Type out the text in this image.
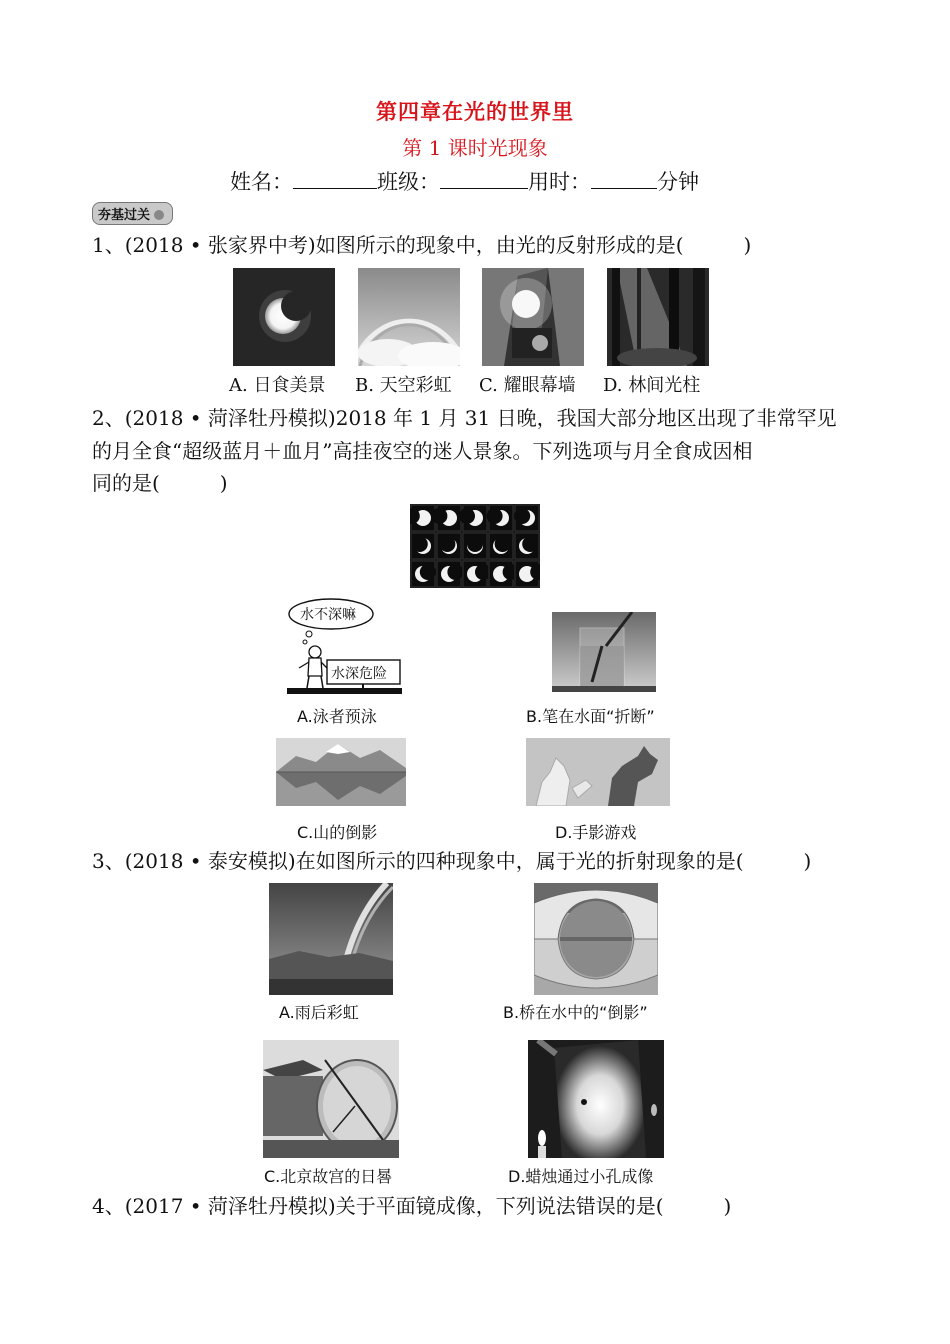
第四章在光的世界里
第 1 课时光现象
姓名：	班级：	用时：	分钟
夯基过关
1、(2018 • 张家界中考)如图所示的现象中，由光的反射形成的是(　　　)
A. 日食美景 B. 天空彩虹 C. 耀眼幕墙 D. 林间光柱
2、(2018 • 菏泽牡丹模拟)2018 年 1 月 31 日晚，我国大部分地区出现了非常罕见
的月全食“超级蓝月＋血月”高挂夜空的迷人景象。下列选项与月全食成因相
同的是(　　　)
水不深嘛
水深危险
A.泳者预泳	B.笔在水面“折断”
C.山的倒影	D.手影游戏
3、(2018 • 泰安模拟)在如图所示的四种现象中，属于光的折射现象的是(　　　)
A.雨后彩虹	B.桥在水中的“倒影”
C.北京故宫的日晷	D.蜡烛通过小孔成像
4、(2017 • 菏泽牡丹模拟)关于平面镜成像，下列说法错误的是(　　　)
